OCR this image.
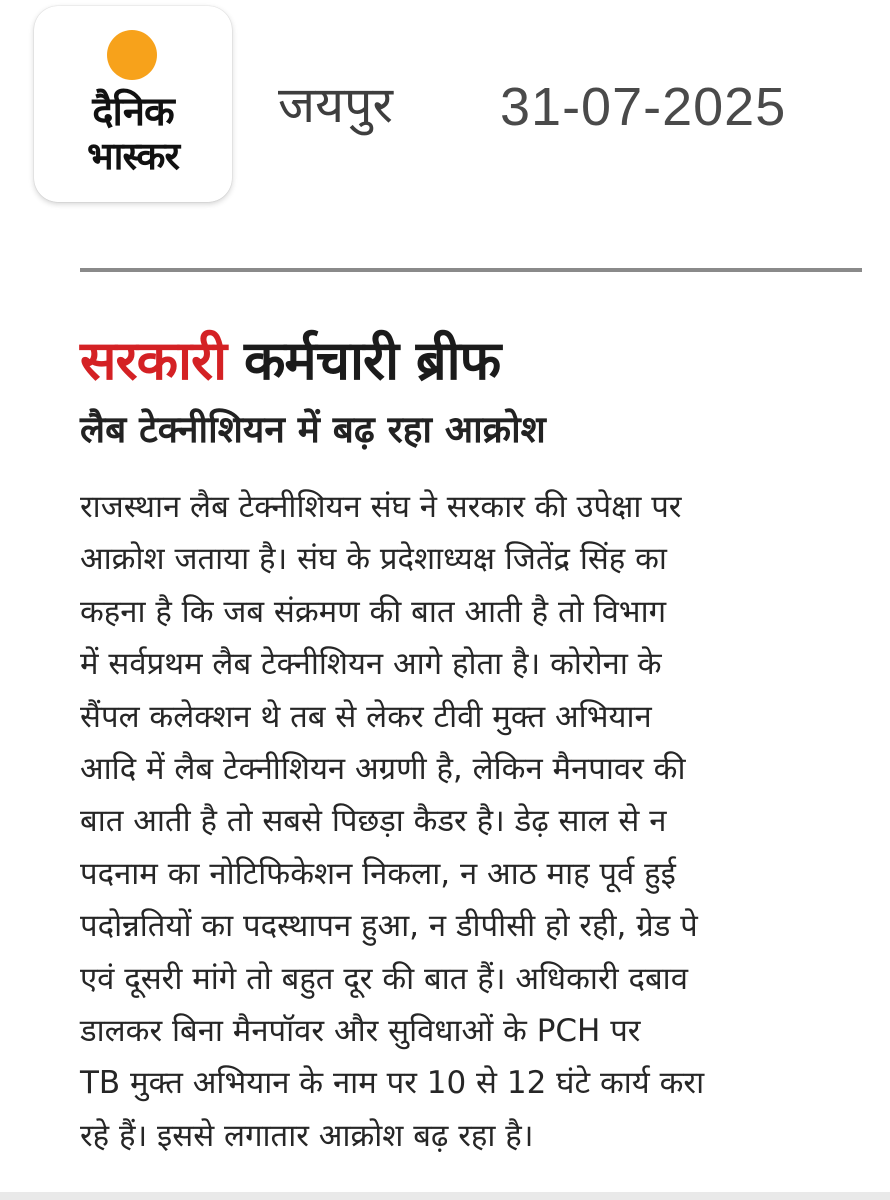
दैनिक
भास्कर
जयपुर 31-07-2025
सरकारी कर्मचारी ब्रीफ
लैब टेक्नीशियन में बढ़ रहा आक्रोश
राजस्थान लैब टेक्नीशियन संघ ने सरकार की उपेक्षा पर
आक्रोश जताया है। संघ के प्रदेशाध्यक्ष जितेंद्र सिंह का
कहना है कि जब संक्रमण की बात आती है तो विभाग
में सर्वप्रथम लैब टेक्नीशियन आगे होता है। कोरोना के
सैंपल कलेक्शन थे तब से लेकर टीवी मुक्त अभियान
आदि में लैब टेक्नीशियन अग्रणी है, लेकिन मैनपावर की
बात आती है तो सबसे पिछड़ा कैडर है। डेढ़ साल से न
पदनाम का नोटिफिकेशन निकला, न आठ माह पूर्व हुई
पदोन्नतियों का पदस्थापन हुआ, न डीपीसी हो रही, ग्रेड पे
एवं दूसरी मांगे तो बहुत दूर की बात हैं। अधिकारी दबाव
डालकर बिना मैनपॉवर और सुविधाओं के PCH पर
TB मुक्त अभियान के नाम पर 10 से 12 घंटे कार्य करा
रहे हैं। इससे लगातार आक्रोश बढ़ रहा है।
